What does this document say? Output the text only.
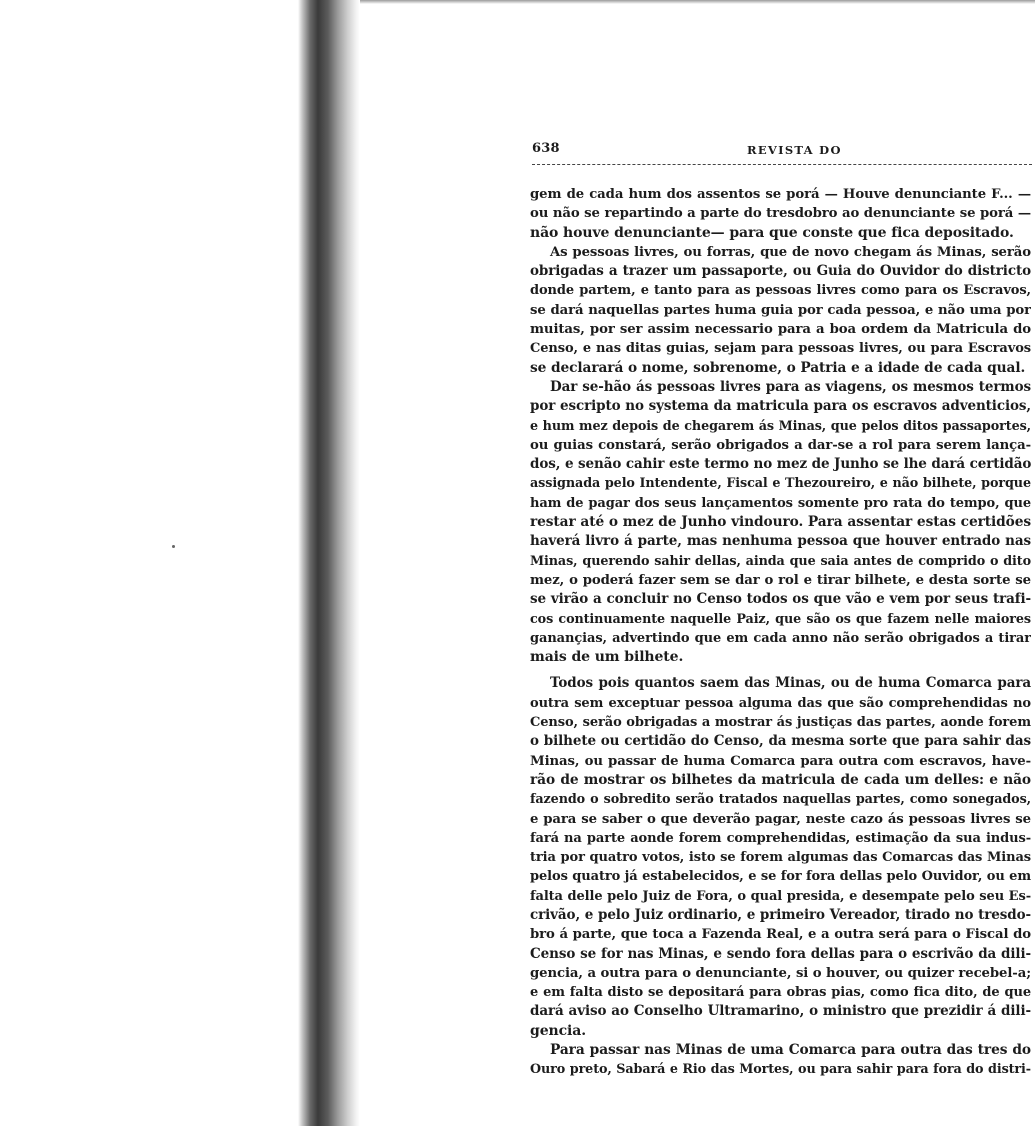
638	REVISTA DO
gem de cada hum dos assentos se porá — Houve denunciante F... —
ou não se repartindo a parte do tresdobro ao denunciante se porá —
não houve denunciante— para que conste que fica depositado.
As pessoas livres, ou forras, que de novo chegam ás Minas, serão
obrigadas a trazer um passaporte, ou Guia do Ouvidor do districto
donde partem, e tanto para as pessoas livres como para os Escravos,
se dará naquellas partes huma guia por cada pessoa, e não uma por
muitas, por ser assim necessario para a boa ordem da Matricula do
Censo, e nas ditas guias, sejam para pessoas livres, ou para Escravos
se declarará o nome, sobrenome, o Patria e a idade de cada qual.
Dar se-hão ás pessoas livres para as viagens, os mesmos termos
por escripto no systema da matricula para os escravos adventicios,
e hum mez depois de chegarem ás Minas, que pelos ditos passaportes,
ou guias constará, serão obrigados a dar-se a rol para serem lança-
dos, e senão cahir este termo no mez de Junho se lhe dará certidão
assignada pelo Intendente, Fiscal e Thezoureiro, e não bilhete, porque
ham de pagar dos seus lançamentos somente pro rata do tempo, que
restar até o mez de Junho vindouro. Para assentar estas certidões
haverá livro á parte, mas nenhuma pessoa que houver entrado nas
Minas, querendo sahir dellas, ainda que saia antes de comprido o dito
mez, o poderá fazer sem se dar o rol e tirar bilhete, e desta sorte se
se virão a concluir no Censo todos os que vão e vem por seus trafi-
cos continuamente naquelle Paiz, que são os que fazem nelle maiores
ganançias, advertindo que em cada anno não serão obrigados a tirar
mais de um bilhete.
Todos pois quantos saem das Minas, ou de huma Comarca para
outra sem exceptuar pessoa alguma das que são comprehendidas no
Censo, serão obrigadas a mostrar ás justiças das partes, aonde forem
o bilhete ou certidão do Censo, da mesma sorte que para sahir das
Minas, ou passar de huma Comarca para outra com escravos, have-
rão de mostrar os bilhetes da matricula de cada um delles: e não
fazendo o sobredito serão tratados naquellas partes, como sonegados,
e para se saber o que deverão pagar, neste cazo ás pessoas livres se
fará na parte aonde forem comprehendidas, estimação da sua indus-
tria por quatro votos, isto se forem algumas das Comarcas das Minas
pelos quatro já estabelecidos, e se for fora dellas pelo Ouvidor, ou em
falta delle pelo Juiz de Fora, o qual presida, e desempate pelo seu Es-
crivão, e pelo Juiz ordinario, e primeiro Vereador, tirado no tresdo-
bro á parte, que toca a Fazenda Real, e a outra será para o Fiscal do
Censo se for nas Minas, e sendo fora dellas para o escrivão da dili-
gencia, a outra para o denunciante, si o houver, ou quizer recebel-a;
e em falta disto se depositará para obras pias, como fica dito, de que
dará aviso ao Conselho Ultramarino, o ministro que prezidir á dili-
gencia.
Para passar nas Minas de uma Comarca para outra das tres do
Ouro preto, Sabará e Rio das Mortes, ou para sahir para fora do distri-
